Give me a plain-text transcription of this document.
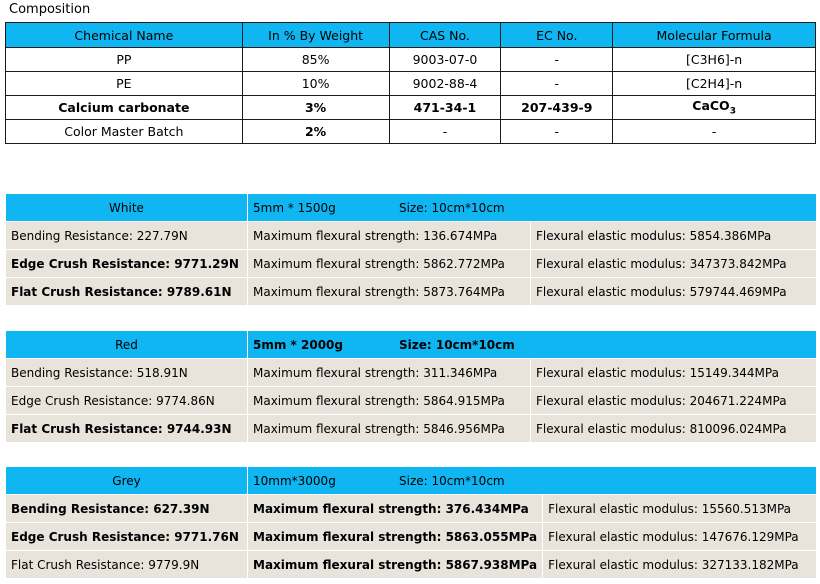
Composition
Chemical Name	In % By Weight	CAS No.	EC No.	Molecular Formula
PP	85%	9003-07-0	-	[C3H6]-n
PE	10%	9002-88-4	-	[C2H4]-n
Calcium carbonate	3%	471-34-1	207-439-9	CaCO$_3$
Color Master Batch	2%	-	-	-
White	5mm * 1500g Size: 10cm*10cm	
Bending Resistance: 227.79N	Maximum flexural strength: 136.674MPa	Flexural elastic modulus: 5854.386MPa
Edge Crush Resistance: 9771.29N	Maximum flexural strength: 5862.772MPa	Flexural elastic modulus: 347373.842MPa
Flat Crush Resistance: 9789.61N	Maximum flexural strength: 5873.764MPa	Flexural elastic modulus: 579744.469MPa
Red	5mm * 2000g Size: 10cm*10cm	
Bending Resistance: 518.91N	Maximum flexural strength: 311.346MPa	Flexural elastic modulus: 15149.344MPa
Edge Crush Resistance: 9774.86N	Maximum flexural strength: 5864.915MPa	Flexural elastic modulus: 204671.224MPa
Flat Crush Resistance: 9744.93N	Maximum flexural strength: 5846.956MPa	Flexural elastic modulus: 810096.024MPa
Grey	10mm*3000g Size: 10cm*10cm	
Bending Resistance: 627.39N	Maximum flexural strength: 376.434MPa	Flexural elastic modulus: 15560.513MPa
Edge Crush Resistance: 9771.76N	Maximum flexural strength: 5863.055MPa	Flexural elastic modulus: 147676.129MPa
Flat Crush Resistance: 9779.9N	Maximum flexural strength: 5867.938MPa	Flexural elastic modulus: 327133.182MPa
